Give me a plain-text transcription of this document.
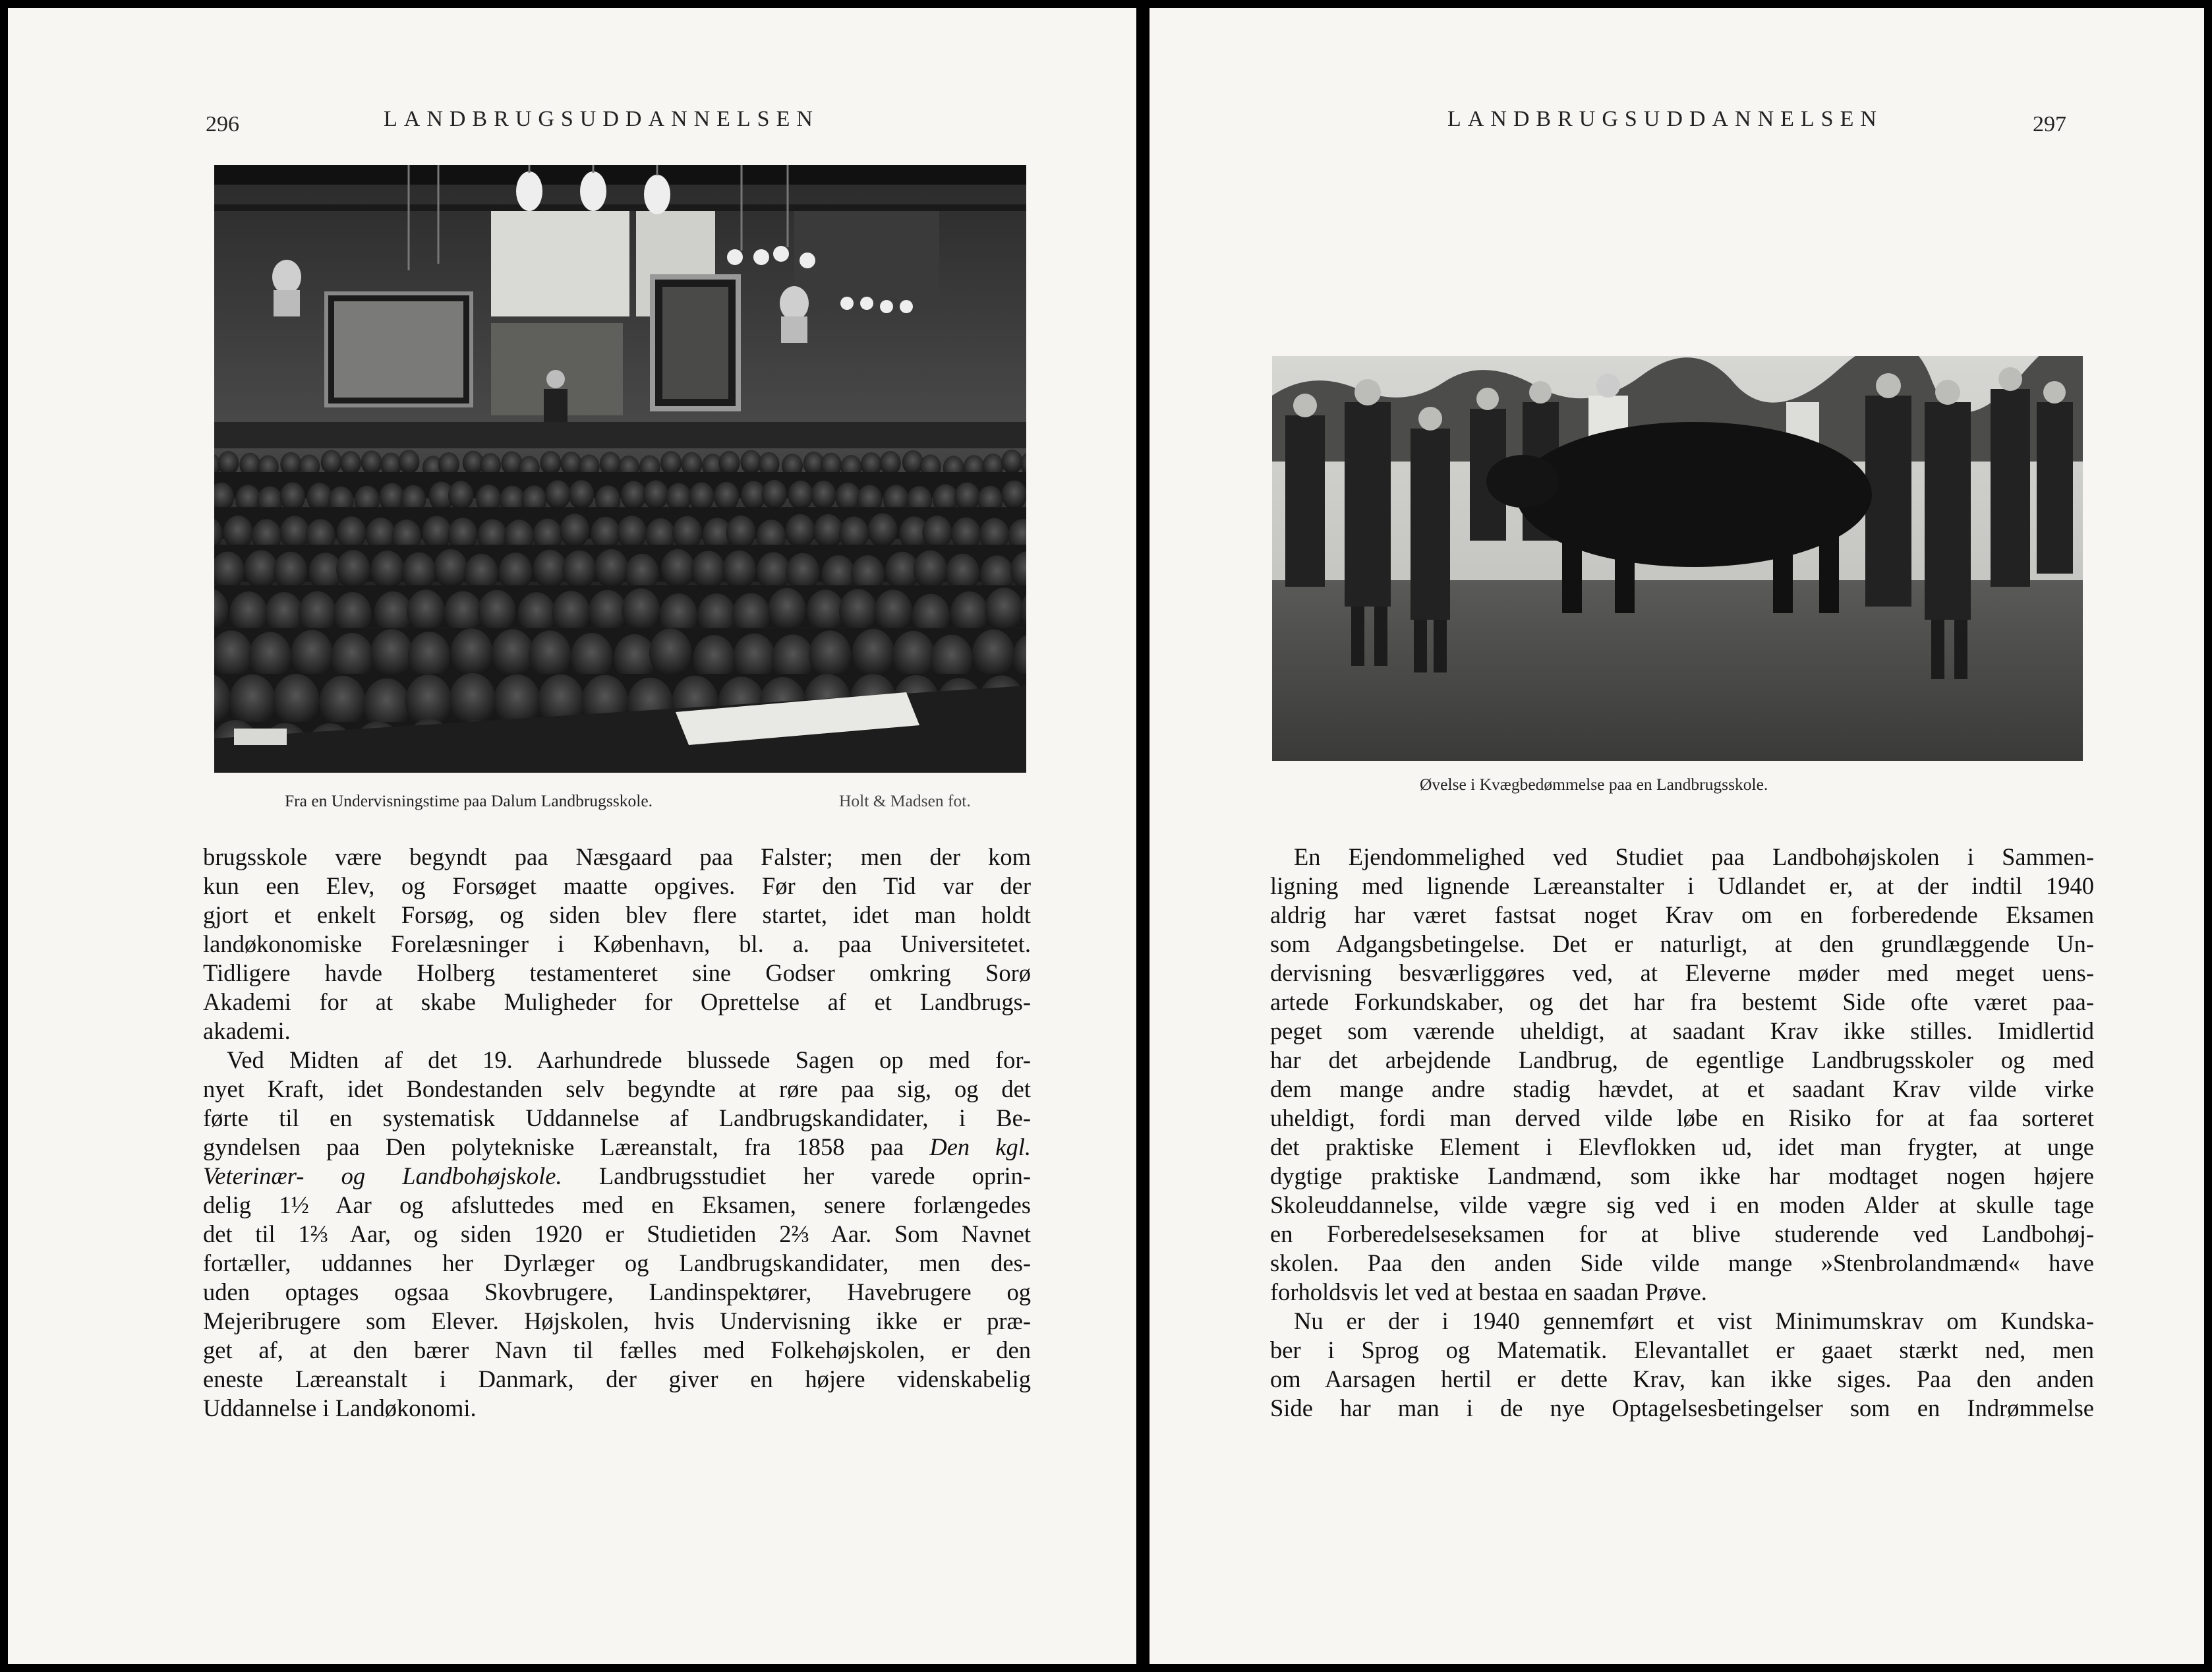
296	LANDBRUGSUDDANNELSEN
Fra en Undervisningstime paa Dalum Landbrugsskole.	Holt & Madsen fot.
brugsskole være begyndt paa Næsgaard paa Falster; men der kom
kun een Elev, og Forsøget maatte opgives. Før den Tid var der
gjort et enkelt Forsøg, og siden blev flere startet, idet man holdt
landøkonomiske Forelæsninger i København, bl. a. paa Universitetet.
Tidligere havde Holberg testamenteret sine Godser omkring Sorø
Akademi for at skabe Muligheder for Oprettelse af et Landbrugs-
akademi.
Ved Midten af det 19. Aarhundrede blussede Sagen op med for-
nyet Kraft, idet Bondestanden selv begyndte at røre paa sig, og det
førte til en systematisk Uddannelse af Landbrugskandidater, i Be-
gyndelsen paa Den polytekniske Læreanstalt, fra 1858 paa Den kgl.
Veterinær- og Landbohøjskole. Landbrugsstudiet her varede oprin-
delig 1½ Aar og afsluttedes med en Eksamen, senere forlængedes
det til 1⅔ Aar, og siden 1920 er Studietiden 2⅔ Aar. Som Navnet
fortæller, uddannes her Dyrlæger og Landbrugskandidater, men des-
uden optages ogsaa Skovbrugere, Landinspektører, Havebrugere og
Mejeribrugere som Elever. Højskolen, hvis Undervisning ikke er præ-
get af, at den bærer Navn til fælles med Folkehøjskolen, er den
eneste Læreanstalt i Danmark, der giver en højere videnskabelig
Uddannelse i Landøkonomi.
LANDBRUGSUDDANNELSEN	297
Øvelse i Kvægbedømmelse paa en Landbrugsskole.
En Ejendommelighed ved Studiet paa Landbohøjskolen i Sammen-
ligning med lignende Læreanstalter i Udlandet er, at der indtil 1940
aldrig har været fastsat noget Krav om en forberedende Eksamen
som Adgangsbetingelse. Det er naturligt, at den grundlæggende Un-
dervisning besværliggøres ved, at Eleverne møder med meget uens-
artede Forkundskaber, og det har fra bestemt Side ofte været paa-
peget som værende uheldigt, at saadant Krav ikke stilles. Imidlertid
har det arbejdende Landbrug, de egentlige Landbrugsskoler og med
dem mange andre stadig hævdet, at et saadant Krav vilde virke
uheldigt, fordi man derved vilde løbe en Risiko for at faa sorteret
det praktiske Element i Elevflokken ud, idet man frygter, at unge
dygtige praktiske Landmænd, som ikke har modtaget nogen højere
Skoleuddannelse, vilde vægre sig ved i en moden Alder at skulle tage
en Forberedelseseksamen for at blive studerende ved Landbohøj-
skolen. Paa den anden Side vilde mange »Stenbrolandmænd« have
forholdsvis let ved at bestaa en saadan Prøve.
Nu er der i 1940 gennemført et vist Minimumskrav om Kundska-
ber i Sprog og Matematik. Elevantallet er gaaet stærkt ned, men
om Aarsagen hertil er dette Krav, kan ikke siges. Paa den anden
Side har man i de nye Optagelsesbetingelser som en Indrømmelse
